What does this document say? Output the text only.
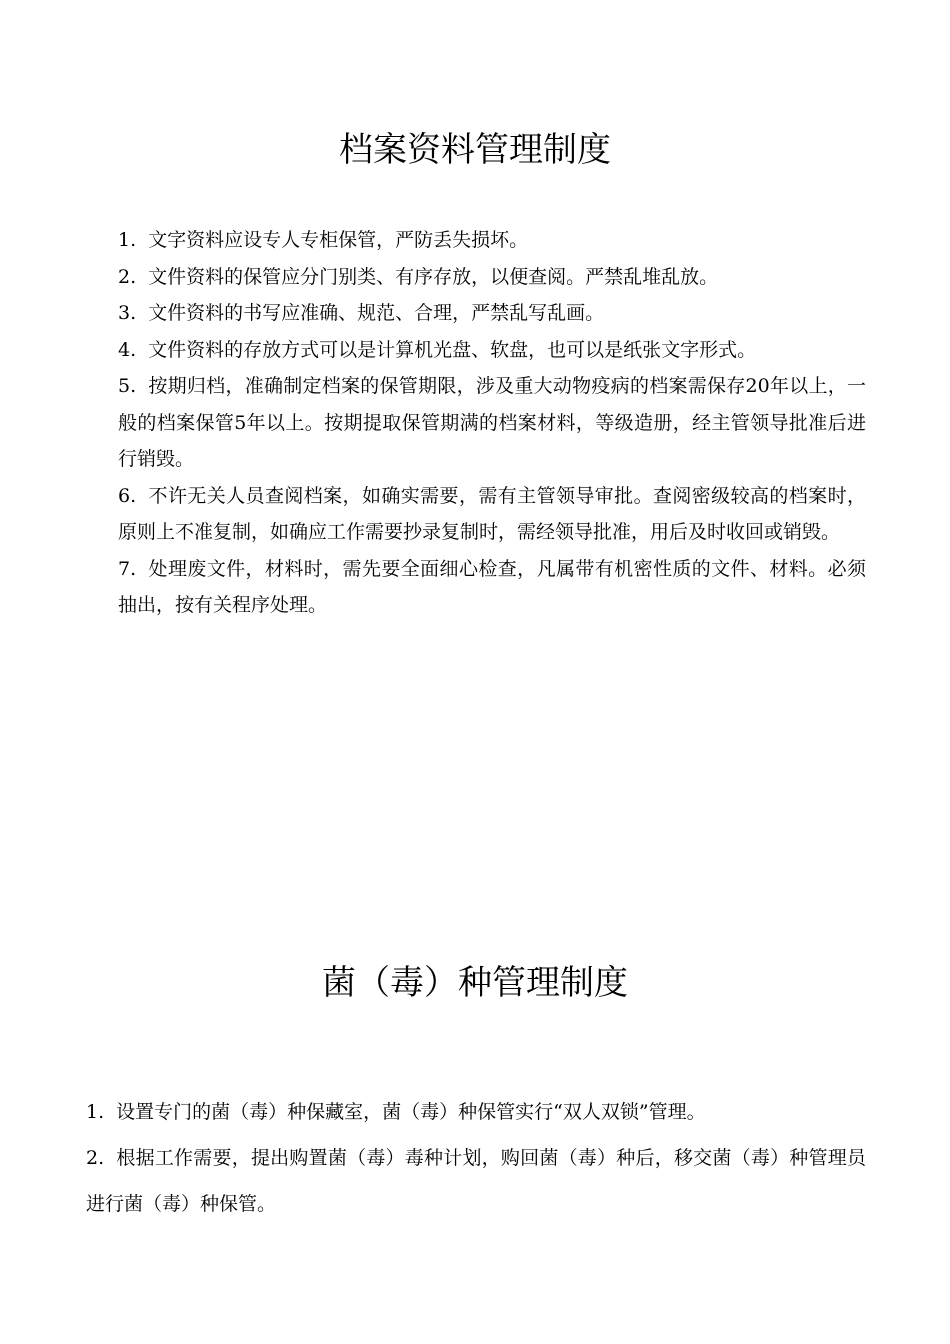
档案资料管理制度
1. 文字资料应设专人专柜保管，严防丢失损坏。
2. 文件资料的保管应分门别类、有序存放，以便查阅。严禁乱堆乱放。
3. 文件资料的书写应准确、规范、合理，严禁乱写乱画。
4. 文件资料的存放方式可以是计算机光盘、软盘，也可以是纸张文字形式。
5. 按期归档，准确制定档案的保管期限，涉及重大动物疫病的档案需保存20年以上，一般的档案保管5年以上。按期提取保管期满的档案材料，等级造册，经主管领导批准后进行销毁。
6. 不许无关人员查阅档案，如确实需要，需有主管领导审批。查阅密级较高的档案时，原则上不准复制，如确应工作需要抄录复制时，需经领导批准，用后及时收回或销毁。
7. 处理废文件，材料时，需先要全面细心检查，凡属带有机密性质的文件、材料。必须抽出，按有关程序处理。
菌（毒）种管理制度
1. 设置专门的菌（毒）种保藏室，菌（毒）种保管实行“双人双锁”管理。
2. 根据工作需要，提出购置菌（毒）毒种计划，购回菌（毒）种后，移交菌（毒）种管理员进行菌（毒）种保管。
